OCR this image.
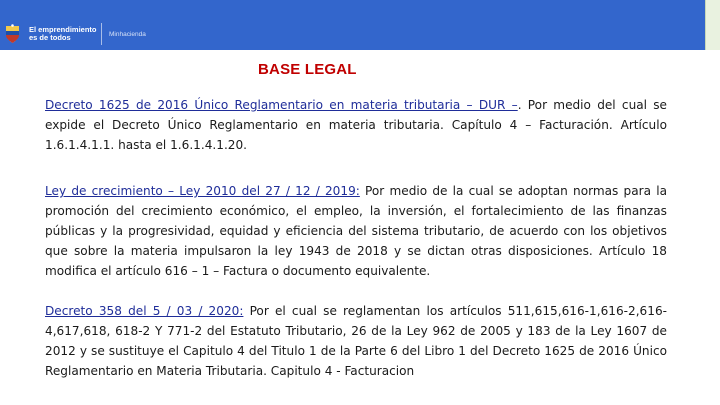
El emprendimiento es de todos	Minhacienda
BASE LEGAL

Decreto 1625 de 2016 Único Reglamentario en materia tributaria – DUR –. Por medio del cual se expide el Decreto Único Reglamentario en materia tributaria. Capítulo 4 – Facturación. Artículo 1.6.1.4.1.1. hasta el 1.6.1.4.1.20.

Ley de crecimiento – Ley 2010 del 27 / 12 / 2019: Por medio de la cual se adoptan normas para la promoción del crecimiento económico, el empleo, la inversión, el fortalecimiento de las finanzas públicas y la progresividad, equidad y eficiencia del sistema tributario, de acuerdo con los objetivos que sobre la materia impulsaron la ley 1943 de 2018 y se dictan otras disposiciones. Artículo 18 modifica el artículo 616 – 1 – Factura o documento equivalente.

Decreto 358 del 5 / 03 / 2020: Por el cual se reglamentan los artículos 511,615,616-1,616-2,616-4,617,618, 618-2 Y 771-2 del Estatuto Tributario, 26 de la Ley 962 de 2005 y 183 de la Ley 1607 de 2012 y se sustituye el Capitulo 4 del Titulo 1 de la Parte 6 del Libro 1 del Decreto 1625 de 2016 Único Reglamentario en Materia Tributaria. Capitulo 4 - Facturacion
